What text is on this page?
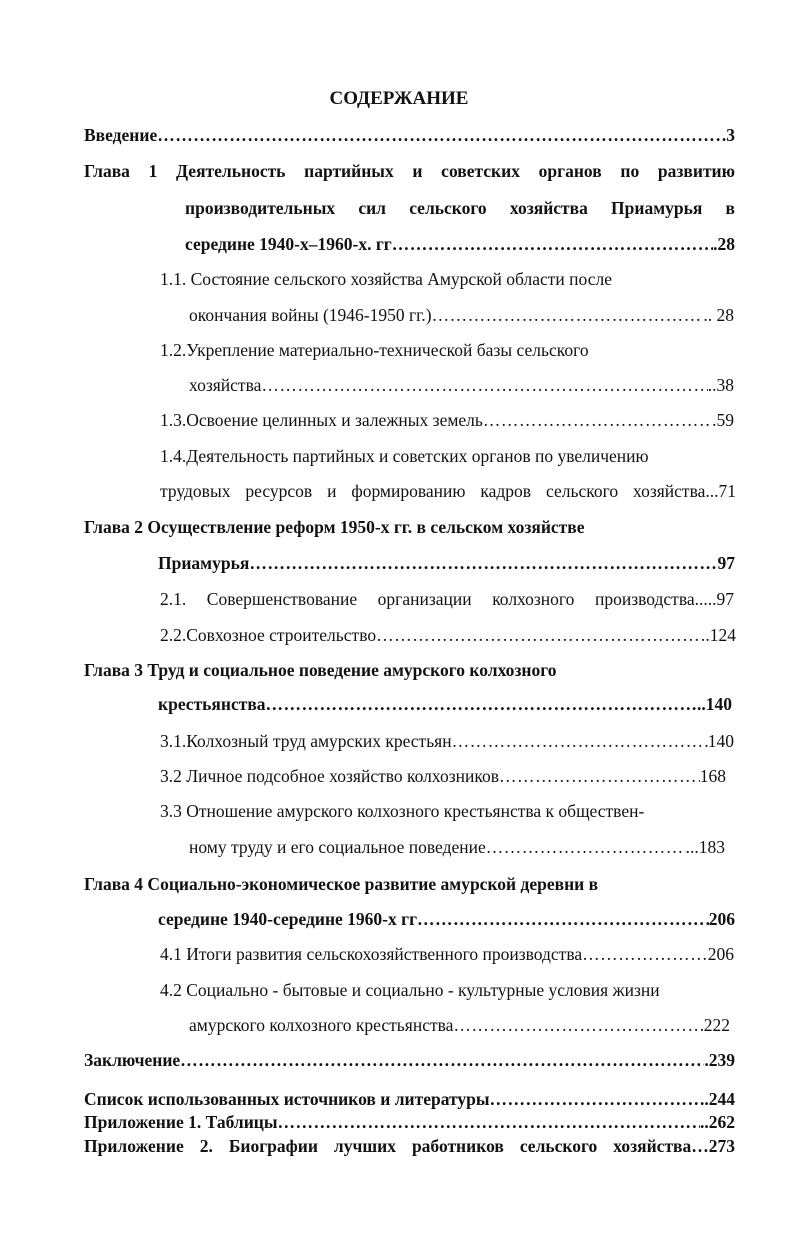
СОДЕРЖАНИЕ
Введение …………………………………………………………………………………………………………………………………………………………………………	.3
Глава 1 Деятельность партийных и советских органов по развитию
производительных сил сельского хозяйства Приамурья в
середине 1940-х–1960-х. гг …………………………………………………………………………………………………………………………………………………………………………	.28
1.1. Состояние сельского хозяйства Амурской области после
окончания войны (1946-1950 гг.) …………………………………………………………………………………………………………………………………………………………………………	.. 28
1.2.Укрепление материально-технической базы сельского
хозяйства …………………………………………………………………………………………………………………………………………………………………………	..38
1.3.Освоение целинных и залежных земель …………………………………………………………………………………………………………………………………………………………………………	.59
1.4.Деятельность партийных и советских органов по увеличению
трудовых ресурсов и формированию кадров сельского хозяйства...71
Глава 2 Осуществление реформ 1950-х гг. в сельском хозяйстве
Приамурья …………………………………………………………………………………………………………………………………………………………………………	97
2.1. Совершенствование организации колхозного производства.....97
2.2.Совхозное строительство …………………………………………………………………………………………………………………………………………………………………………	.124
Глава 3 Труд и социальное поведение амурского колхозного
крестьянства …………………………………………………………………………………………………………………………………………………………………………	..140
3.1.Колхозный труд амурских крестьян …………………………………………………………………………………………………………………………………………………………………………	140
3.2 Личное подсобное хозяйство колхозников …………………………………………………………………………………………………………………………………………………………………………	168
3.3 Отношение амурского колхозного крестьянства к обществен-
ному труду и его социальное поведение …………………………………………………………………………………………………………………………………………………………………………	...183
Глава 4 Социально-экономическое развитие амурской деревни в
середине 1940-середине 1960-х гг …………………………………………………………………………………………………………………………………………………………………………	206
4.1 Итоги развития сельскохозяйственного производства …………………………………………………………………………………………………………………………………………………………………………	206
4.2 Социально - бытовые и социально - культурные условия жизни
амурского колхозного крестьянства …………………………………………………………………………………………………………………………………………………………………………	222
Заключение …………………………………………………………………………………………………………………………………………………………………………	.239
Список использованных источников и литературы …………………………………………………………………………………………………………………………………………………………………………	..244
Приложение 1. Таблицы …………………………………………………………………………………………………………………………………………………………………………	..262
Приложение 2. Биографии лучших работников сельского хозяйства…273
